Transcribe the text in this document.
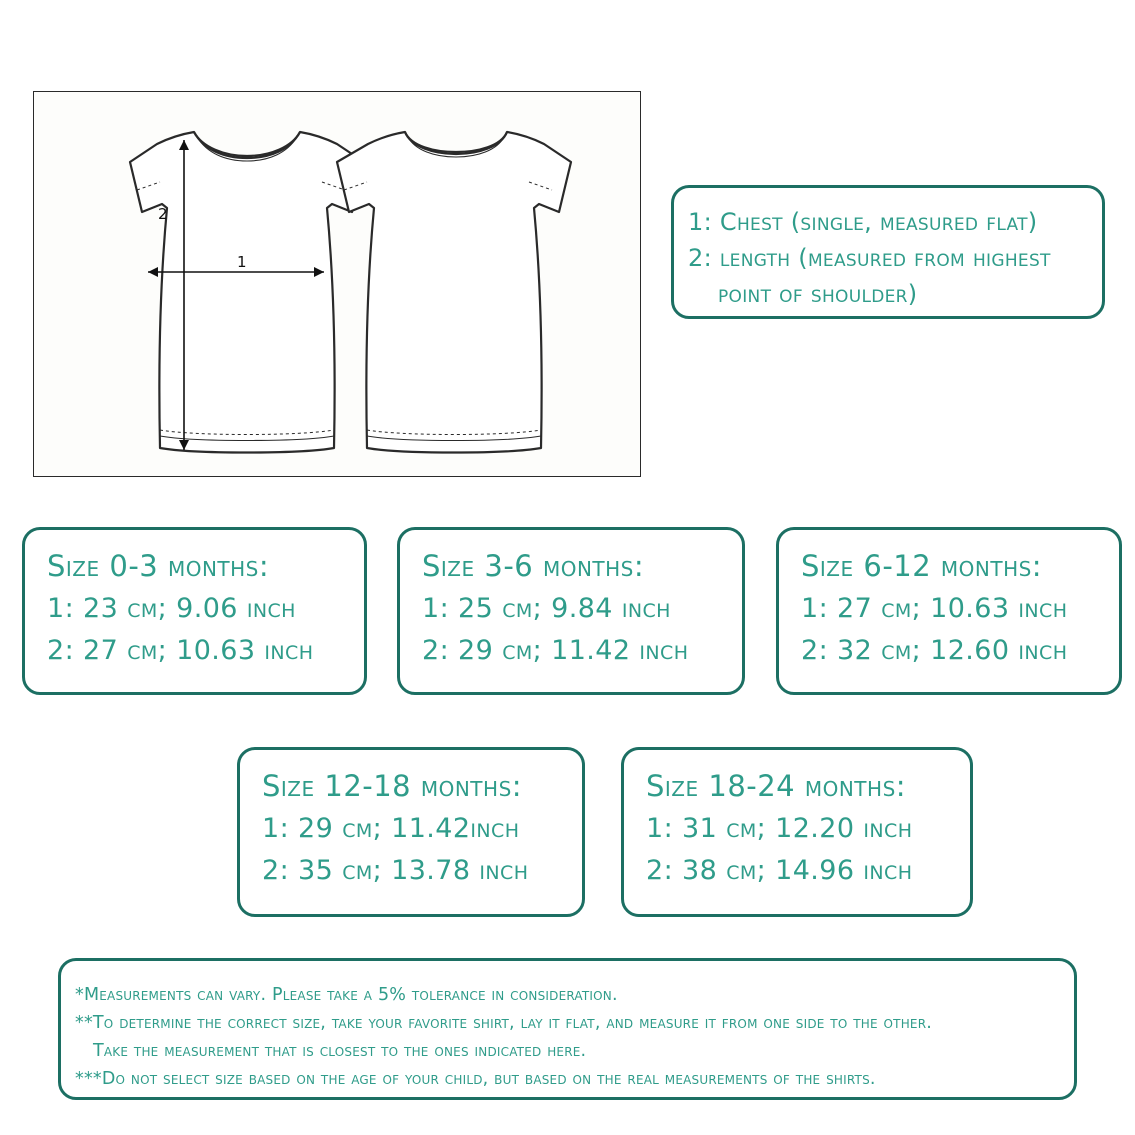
1
2	1: Chest (single, measured flat)
2: length (measured from highest
point of shoulder)
Size 0-3 months:
1: 23 cm; 9.06 inch
2: 27 cm; 10.63 inch
Size 3-6 months:
1: 25 cm; 9.84 inch
2: 29 cm; 11.42 inch
Size 6-12 months:
1: 27 cm; 10.63 inch
2: 32 cm; 12.60 inch
Size 12-18 months:
1: 29 cm; 11.42inch
2: 35 cm; 13.78 inch
Size 18-24 months:
1: 31 cm; 12.20 inch
2: 38 cm; 14.96 inch
*Measurements can vary. Please take a 5% tolerance in consideration.
**To determine the correct size, take your favorite shirt, lay it flat, and measure it from one side to the other.
Take the measurement that is closest to the ones indicated here.
***Do not select size based on the age of your child, but based on the real measurements of the shirts.
